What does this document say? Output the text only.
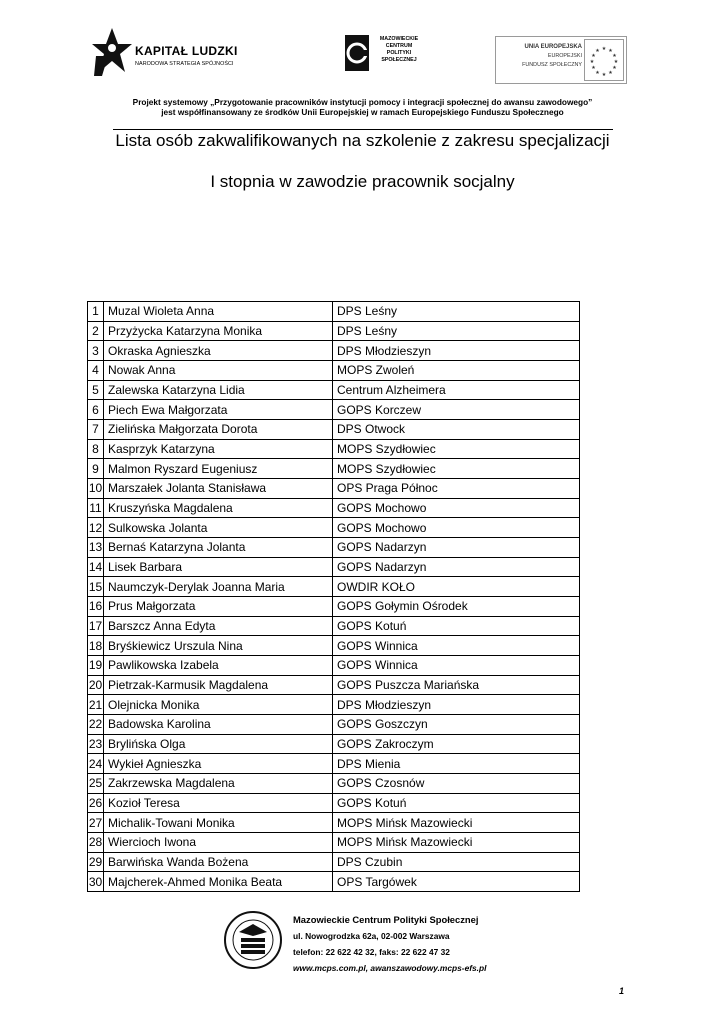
KAPITAŁ LUDZKI
NARODOWA STRATEGIA SPÓJNOŚCI
MAZOWIECKIE
CENTRUM
POLITYKI
SPOŁECZNEJ
UNIA EUROPEJSKA
EUROPEJSKI
FUNDUSZ SPOŁECZNY
★ ★
★
★
★
★
★
★
★
★
★
★
Projekt systemowy „Przygotowanie pracowników instytucji pomocy i integracji społecznej do awansu zawodowego”
jest współfinansowany ze środków Unii Europejskiej w ramach Europejskiego Funduszu Społecznego
Lista osób zakwalifikowanych na szkolenie z zakresu specjalizacji
I stopnia w zawodzie pracownik socjalny
1	Muzal Wioleta Anna	DPS Leśny
2	Przyżycka Katarzyna Monika	DPS Leśny
3	Okraska Agnieszka	DPS Młodzieszyn
4	Nowak Anna	MOPS Zwoleń
5	Zalewska Katarzyna Lidia	Centrum Alzheimera
6	Piech Ewa Małgorzata	GOPS Korczew
7	Zielińska Małgorzata Dorota	DPS Otwock
8	Kasprzyk Katarzyna	MOPS Szydłowiec
9	Malmon Ryszard Eugeniusz	MOPS Szydłowiec
10	Marszałek Jolanta Stanisława	OPS Praga Północ
11	Kruszyńska Magdalena	GOPS Mochowo
12	Sulkowska Jolanta	GOPS Mochowo
13	Bernaś Katarzyna Jolanta	GOPS Nadarzyn
14	Lisek Barbara	GOPS Nadarzyn
15	Naumczyk-Derylak Joanna Maria	OWDIR KOŁO
16	Prus Małgorzata	GOPS Gołymin Ośrodek
17	Barszcz Anna Edyta	GOPS Kotuń
18	Bryśkiewicz Urszula Nina	GOPS Winnica
19	Pawlikowska Izabela	GOPS Winnica
20	Pietrzak-Karmusik Magdalena	GOPS Puszcza Mariańska
21	Olejnicka Monika	DPS Młodzieszyn
22	Badowska Karolina	GOPS Goszczyn
23	Brylińska Olga	GOPS Zakroczym
24	Wykieł Agnieszka	DPS Mienia
25	Zakrzewska Magdalena	GOPS Czosnów
26	Kozioł Teresa	GOPS Kotuń
27	Michalik-Towani Monika	MOPS Mińsk Mazowiecki
28	Wiercioch Iwona	MOPS Mińsk Mazowiecki
29	Barwińska Wanda Bożena	DPS Czubin
30	Majcherek-Ahmed Monika Beata	OPS Targówek
Mazowieckie Centrum Polityki Społecznej
ul. Nowogrodzka 62a, 02-002 Warszawa
telefon: 22 622 42 32, faks: 22 622 47 32
www.mcps.com.pl, awanszawodowy.mcps-efs.pl
1
